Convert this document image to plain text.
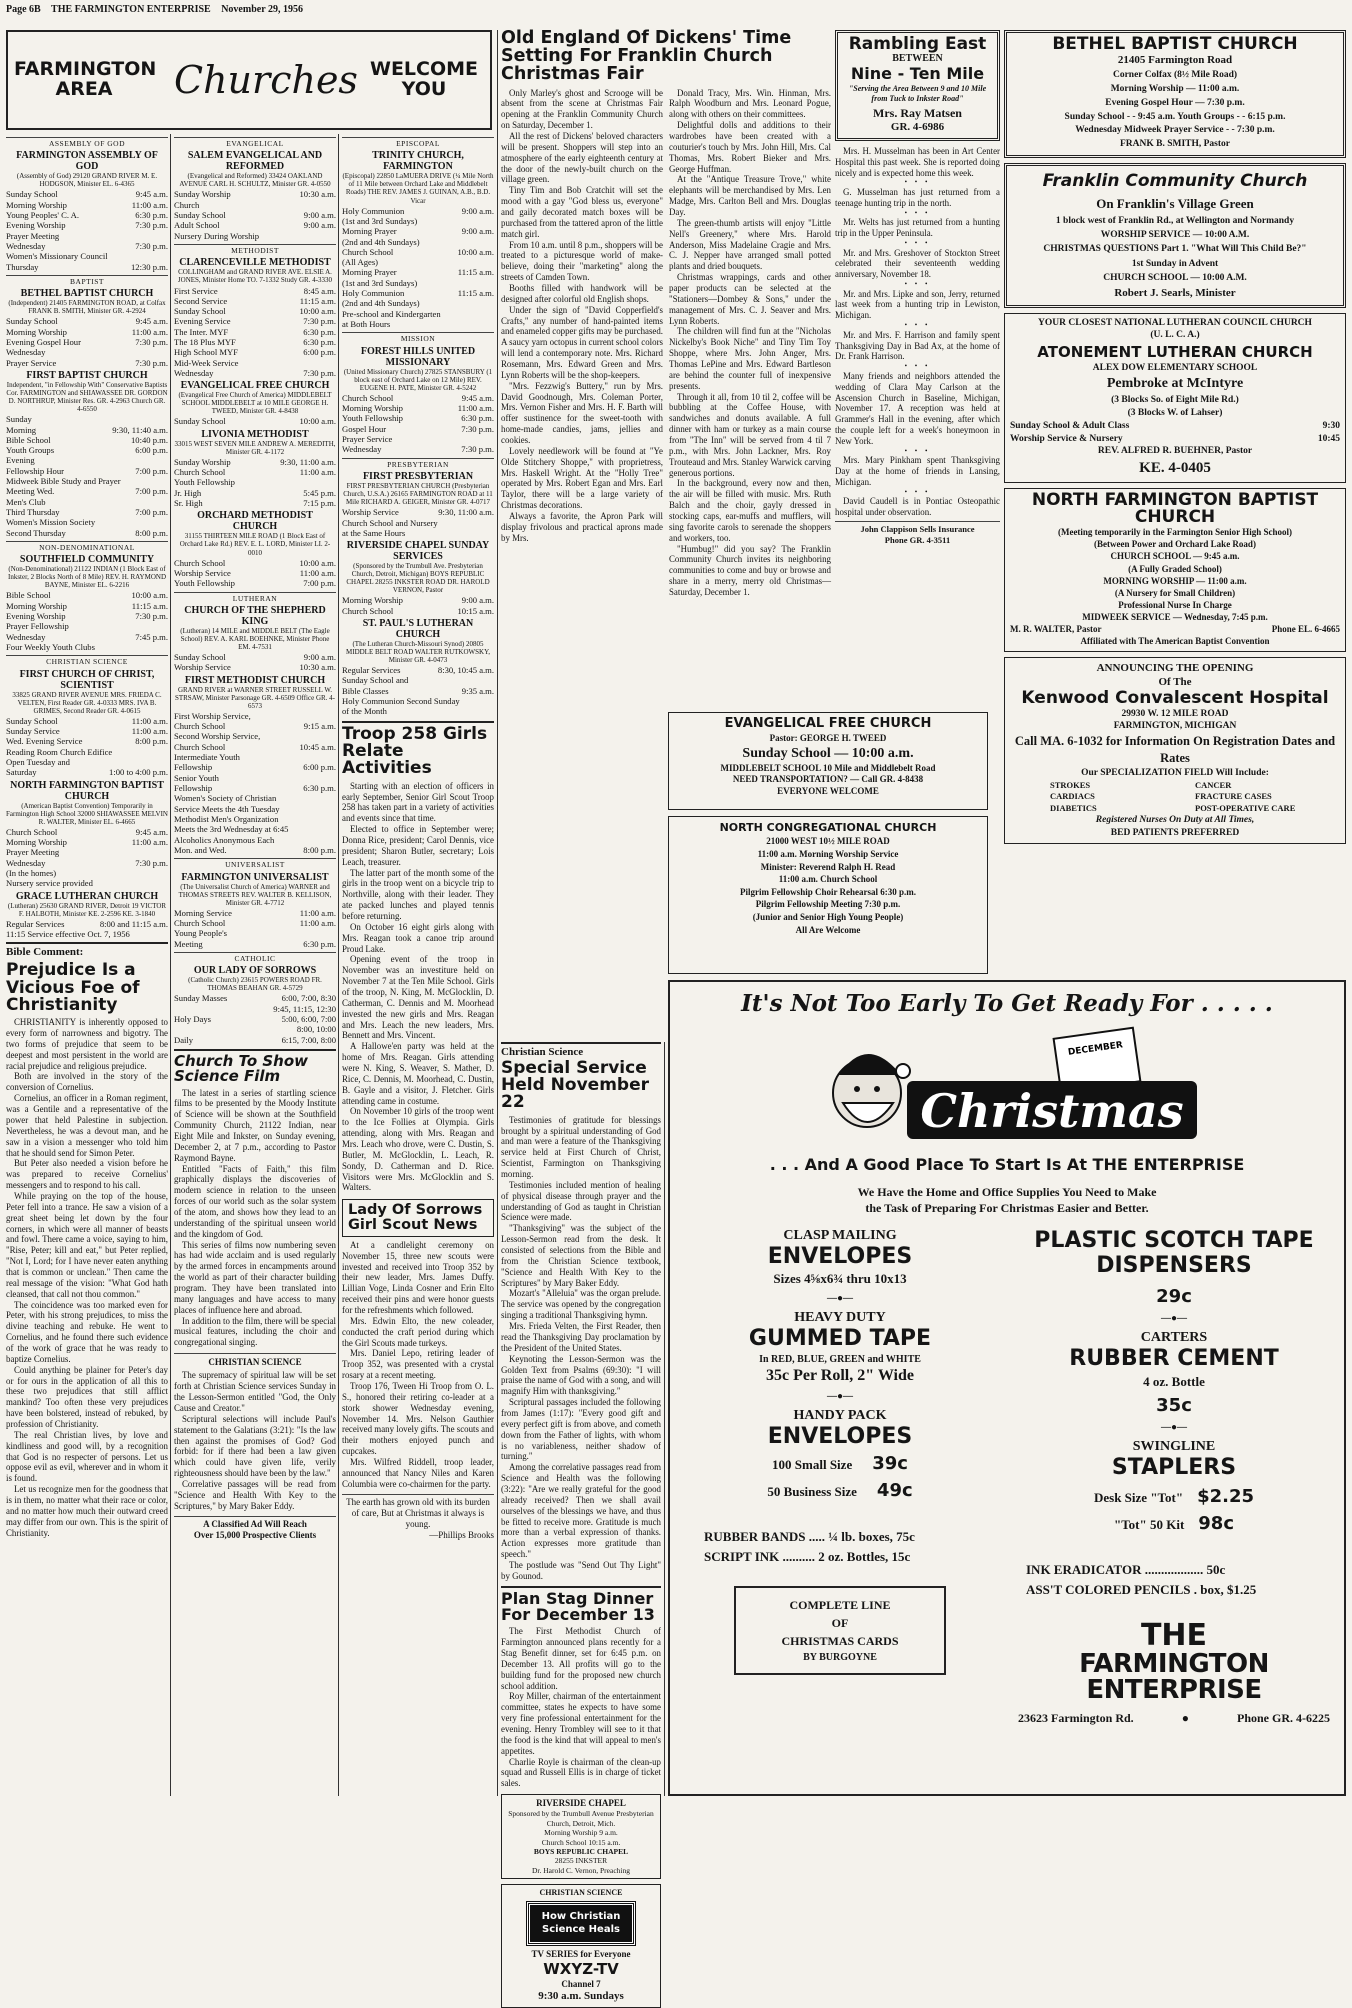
Page 6B THE FARMINGTON ENTERPRISE November 29, 1956
FARMINGTON AREA	Churches WELCOME YOU
ASSEMBLY OF GOD
FARMINGTON ASSEMBLY OF GOD
(Assembly of God) 29120 GRAND RIVER M. E. HODGSON, Minister EL. 6-4365
Sunday School	9:45 a.m.
Morning Worship	11:00 a.m.
Young Peoples' C. A.	6:30 p.m.
Evening Worship	7:30 p.m.
Prayer Meeting
Wednesday	7:30 p.m.
Women's Missionary Council
Thursday	12:30 p.m.
BAPTIST
BETHEL BAPTIST CHURCH
(Independent) 21405 FARMINGTON ROAD, at Colfax FRANK B. SMITH, Minister GR. 4-2924
Sunday School	9:45 a.m.
Morning Worship	11:00 a.m.
Evening Gospel Hour	7:30 p.m.
Wednesday
Prayer Service	7:30 p.m.
FIRST BAPTIST CHURCH
Independent, "in Fellowship With" Conservative Baptists Cor. FARMINGTON and SHIAWASSEE DR. GORDON D. NORTHRUP, Minister Res. GR. 4-2963 Church GR. 4-6550
Sunday
Morning	9:30, 11:40 a.m.
Bible School	10:40 p.m.
Youth Groups	6:00 p.m.
Evening
Fellowship Hour	7:00 p.m.
Midweek Bible Study and Prayer
Meeting Wed.	7:00 p.m.
Men's Club
Third Thursday	7:00 p.m.
Women's Mission Society
Second Thursday	8:00 p.m.
NON-DENOMINATIONAL
SOUTHFIELD COMMUNITY
(Non-Denominational) 21122 INDIAN (1 Block East of Inkster, 2 Blocks North of 8 Mile) REV. H. RAYMOND BAYNE, Minister EL. 6-2216
Bible School	10:00 a.m.
Morning Worship	11:15 a.m.
Evening Worship	7:30 p.m.
Prayer Fellowship
Wednesday	7:45 p.m.
Four Weekly Youth Clubs
CHRISTIAN SCIENCE
FIRST CHURCH OF CHRIST, SCIENTIST
33825 GRAND RIVER AVENUE MRS. FRIEDA C. VELTEN, First Reader GR. 4-0333 MRS. IVA B. GRIMES, Second Reader GR. 4-0615
Sunday School	11:00 a.m.
Sunday Service	11:00 a.m.
Wed. Evening Service	8:00 p.m.
Reading Room Church Edifice
Open Tuesday and
Saturday	1:00 to 4:00 p.m.
NORTH FARMINGTON BAPTIST CHURCH
(American Baptist Convention) Temporarily in Farmington High School 32000 SHIAWASSEE MELVIN R. WALTER, Minister EL. 6-4665
Church School	9:45 a.m.
Morning Worship	11:00 a.m.
Prayer Meeting
Wednesday	7:30 p.m.
(In the homes)
Nursery service provided
GRACE LUTHERAN CHURCH
(Lutheran) 25630 GRAND RIVER, Detroit 19 VICTOR F. HALBOTH, Minister KE. 2-2596 KE. 3-1840
Regular Services	8:00 and 11:15 a.m.
11:15 Service effective Oct. 7, 1956
Bible Comment:
Prejudice Is a Vicious Foe of Christianity

CHRISTIANITY is inherently opposed to every form of narrowness and bigotry. The two forms of prejudice that seem to be deepest and most persistent in the world are racial prejudice and religious prejudice.

Both are involved in the story of the conversion of Cornelius.

Cornelius, an officer in a Roman regiment, was a Gentile and a representative of the power that held Palestine in subjection. Nevertheless, he was a devout man, and he saw in a vision a messenger who told him that he should send for Simon Peter.

But Peter also needed a vision before he was prepared to receive Cornelius' messengers and to respond to his call.

While praying on the top of the house, Peter fell into a trance. He saw a vision of a great sheet being let down by the four corners, in which were all manner of beasts and fowl. There came a voice, saying to him, "Rise, Peter; kill and eat," but Peter replied, "Not I, Lord; for I have never eaten anything that is common or unclean." Then came the real message of the vision: "What God hath cleansed, that call not thou common."

The coincidence was too marked even for Peter, with his strong prejudices, to miss the divine teaching and rebuke. He went to Cornelius, and he found there such evidence of the work of grace that he was ready to baptize Cornelius.

Could anything be plainer for Peter's day or for ours in the application of all this to these two prejudices that still afflict mankind? Too often these very prejudices have been bolstered, instead of rebuked, by profession of Christianity.

The real Christian lives, by love and kindliness and good will, by a recognition that God is no respecter of persons. Let us oppose evil as evil, wherever and in whom it is found.

Let us recognize men for the goodness that is in them, no matter what their race or color, and no matter how much their outward creed may differ from our own. This is the spirit of Christianity.

EVANGELICAL
SALEM EVANGELICAL AND REFORMED
(Evangelical and Reformed) 33424 OAKLAND AVENUE CARL H. SCHULTZ, Minister GR. 4-0550
Sunday Worship	10:30 a.m.
Church
Sunday School	9:00 a.m.
Adult School	9:00 a.m.
Nursery During Worship
METHODIST
CLARENCEVILLE METHODIST
COLLINGHAM and GRAND RIVER AVE. ELSIE A. JONES, Minister Home TO. 7-1332 Study GR. 4-3330
First Service	8:45 a.m.
Second Service	11:15 a.m.
Sunday School	10:00 a.m.
Evening Service	7:30 p.m.
The Inter. MYF	6:30 p.m.
The 18 Plus MYF	6:30 p.m.
High School MYF	6:00 p.m.
Mid-Week Service
Wednesday	7:30 p.m.
EVANGELICAL FREE CHURCH
(Evangelical Free Church of America) MIDDLEBELT SCHOOL MIDDLEBELT at 10 MILE GEORGE H. TWEED, Minister GR. 4-8438
Sunday School	10:00 a.m.
LIVONIA METHODIST
33015 WEST SEVEN MILE ANDREW A. MEREDITH, Minister GR. 4-1172
Sunday Worship	9:30, 11:00 a.m.
Church School	11:00 a.m.
Youth Fellowship
Jr. High	5:45 p.m.
Sr. High	7:15 p.m.
ORCHARD METHODIST CHURCH
31155 THIRTEEN MILE ROAD (1 Block East of Orchard Lake Rd.) REV. E. L. LORD, Minister LI. 2-0010
Church School	10:00 a.m.
Worship Service	11:00 a.m.
Youth Fellowship	7:00 p.m.
LUTHERAN
CHURCH OF THE SHEPHERD KING
(Lutheran) 14 MILE and MIDDLE BELT (The Eagle School) REV. A. KARL BOEHNKE, Minister Phone EM. 4-7531
Sunday School	9:00 a.m.
Worship Service	10:30 a.m.
FIRST METHODIST CHURCH
GRAND RIVER at WARNER STREET RUSSELL W. STRSAW, Minister Parsonage GR. 4-6509 Office GR. 4-6573
First Worship Service,
Church School	9:15 a.m.
Second Worship Service,
Church School	10:45 a.m.
Intermediate Youth
Fellowship	6:00 p.m.
Senior Youth
Fellowship	6:30 p.m.
Women's Society of Christian
Service Meets the 4th Tuesday
Methodist Men's Organization
Meets the 3rd Wednesday at 6:45
Alcoholics Anonymous Each
Mon. and Wed.	8:00 p.m.
UNIVERSALIST
FARMINGTON UNIVERSALIST
(The Universalist Church of America) WARNER and THOMAS STREETS REV. WALTER B. KELLISON, Minister GR. 4-7712
Morning Service	11:00 a.m.
Church School	11:00 a.m.
Young People's
Meeting	6:30 p.m.
CATHOLIC
OUR LADY OF SORROWS
(Catholic Church) 23615 POWERS ROAD FR. THOMAS BEAHAN GR. 4-5729
Sunday Masses	6:00, 7:00, 8:30
9:45, 11:15, 12:30
Holy Days	5:00, 6:00, 7:00
8:00, 10:00
Daily	6:15, 7:00, 8:00
Church To Show Science Film

The latest in a series of startling science films to be presented by the Moody Institute of Science will be shown at the Southfield Community Church, 21122 Indian, near Eight Mile and Inkster, on Sunday evening, December 2, at 7 p.m., according to Pastor Raymond Bayne.

Entitled "Facts of Faith," this film graphically displays the discoveries of modern science in relation to the unseen forces of our world such as the solar system of the atom, and shows how they lead to an understanding of the spiritual unseen world and the kingdom of God.

This series of films now numbering seven has had wide acclaim and is used regularly by the armed forces in encampments around the world as part of their character building program. They have been translated into many languages and have access to many places of influence here and abroad.

In addition to the film, there will be special musical features, including the choir and congregational singing.

CHRISTIAN SCIENCE

The supremacy of spiritual law will be set forth at Christian Science services Sunday in the Lesson-Sermon entitled "God, the Only Cause and Creator."

Scriptural selections will include Paul's statement to the Galatians (3:21): "Is the law then against the promises of God? God forbid: for if there had been a law given which could have given life, verily righteousness should have been by the law."

Correlative passages will be read from "Science and Health With Key to the Scriptures," by Mary Baker Eddy.

A Classified Ad Will Reach
Over 15,000 Prospective Clients
EPISCOPAL
TRINITY CHURCH, FARMINGTON
(Episcopal) 22850 LaMUERA DRIVE (¼ Mile North of 11 Mile between Orchard Lake and Middlebelt Roads) THE REV. JAMES J. GUINAN, A.B., B.D. Vicar
Holy Communion	9:00 a.m.
(1st and 3rd Sundays)
Morning Prayer	9:00 a.m.
(2nd and 4th Sundays)
Church School	10:00 a.m.
(All Ages)
Morning Prayer	11:15 a.m.
(1st and 3rd Sundays)
Holy Communion	11:15 a.m.
(2nd and 4th Sundays)
Pre-school and Kindergarten
at Both Hours
MISSION
FOREST HILLS UNITED MISSIONARY
(United Missionary Church) 27825 STANSBURY (1 block east of Orchard Lake on 12 Mile) REV. EUGENE H. PATE, Minister GR. 4-5242
Church School	9:45 a.m.
Morning Worship	11:00 a.m.
Youth Fellowship	6:30 p.m.
Gospel Hour	7:30 p.m.
Prayer Service
Wednesday	7:30 p.m.
PRESBYTERIAN
FIRST PRESBYTERIAN
FIRST PRESBYTERIAN CHURCH (Presbyterian Church, U.S.A.) 26165 FARMINGTON ROAD at 11 Mile RICHARD A. GEIGER, Minister GR. 4-0717
Worship Service	9:30, 11:00 a.m.
Church School and Nursery
at the Same Hours
RIVERSIDE CHAPEL SUNDAY SERVICES
(Sponsored by the Trumbull Ave. Presbyterian Church, Detroit, Michigan) BOYS REPUBLIC CHAPEL 28255 INKSTER ROAD DR. HAROLD VERNON, Pastor
Morning Worship	9:00 a.m.
Church School	10:15 a.m.
ST. PAUL'S LUTHERAN CHURCH
(The Lutheran Church-Missouri Synod) 20805 MIDDLE BELT ROAD WALTER RUTKOWSKY, Minister GR. 4-0473
Regular Services	8:30, 10:45 a.m.
Sunday School and
Bible Classes	9:35 a.m.
Holy Communion Second Sunday
of the Month
Troop 258 Girls Relate Activities

Starting with an election of officers in early September, Senior Girl Scout Troop 258 has taken part in a variety of activities and events since that time.

Elected to office in September were; Donna Rice, president; Carol Dennis, vice president; Sharon Butler, secretary; Lois Leach, treasurer.

The latter part of the month some of the girls in the troop went on a bicycle trip to Northville, along with their leader. They ate packed lunches and played tennis before returning.

On October 16 eight girls along with Mrs. Reagan took a canoe trip around Proud Lake.

Opening event of the troop in November was an investiture held on November 7 at the Ten Mile School. Girls of the troop, N. King, M. McGlocklin, D. Catherman, C. Dennis and M. Moorhead invested the new girls and Mrs. Reagan and Mrs. Leach the new leaders, Mrs. Bennett and Mrs. Vincent.

A Hallowe'en party was held at the home of Mrs. Reagan. Girls attending were N. King, S. Weaver, S. Mather, D. Rice, C. Dennis, M. Moorhead, C. Dustin, B. Gayle and a visitor, J. Fletcher. Girls attending came in costume.

On November 10 girls of the troop went to the Ice Follies at Olympia. Girls attending, along with Mrs. Reagan and Mrs. Leach who drove, were C. Dustin, S. Butler, M. McGlocklin, L. Leach, R. Sondy, D. Catherman and D. Rice. Visitors were Mrs. McGlocklin and S. Walters.

Lady Of Sorrows Girl Scout News

At a candlelight ceremony on November 15, three new scouts were invested and received into Troop 352 by their new leader, Mrs. James Duffy. Lillian Voge, Linda Cosner and Erin Elto received their pins and were honor guests for the refreshments which followed.

Mrs. Edwin Elto, the new coleader, conducted the craft period during which the Girl Scouts made turkeys.

Mrs. Daniel Lepo, retiring leader of Troop 352, was presented with a crystal rosary at a recent meeting.

Troop 176, Tween Hi Troop from O. L. S., honored their retiring co-leader at a stork shower Wednesday evening, November 14. Mrs. Nelson Gauthier received many lovely gifts. The scouts and their mothers enjoyed punch and cupcakes.

Mrs. Wilfred Riddell, troop leader, announced that Nancy Niles and Karen Columbia were co-chairmen for the party.

The earth has grown old with its burden of care, But at Christmas it always is young.
—Phillips Brooks
Old England Of Dickens' Time Setting For Franklin Church Christmas Fair

Only Marley's ghost and Scrooge will be absent from the scene at Christmas Fair opening at the Franklin Community Church on Saturday, December 1.

All the rest of Dickens' beloved characters will be present. Shoppers will step into an atmosphere of the early eighteenth century at the door of the newly-built church on the village green.

Tiny Tim and Bob Cratchit will set the mood with a gay "God bless us, everyone" and gaily decorated match boxes will be purchased from the tattered apron of the little match girl.

From 10 a.m. until 8 p.m., shoppers will be treated to a picturesque world of make-believe, doing their "marketing" along the streets of Camden Town.

Booths filled with handwork will be designed after colorful old English shops.

Under the sign of "David Copperfield's Crafts," any number of hand-painted items and enameled copper gifts may be purchased. A saucy yarn octopus in current school colors will lend a contemporary note. Mrs. Richard Rosemann, Mrs. Edward Green and Mrs. Lynn Roberts will be the shop-keepers.

"Mrs. Fezzwig's Buttery," run by Mrs. David Goodnough, Mrs. Coleman Porter, Mrs. Vernon Fisher and Mrs. H. F. Barth will offer sustinence for the sweet-tooth with home-made candies, jams, jellies and cookies.

Lovely needlework will be found at "Ye Olde Stitchery Shoppe," with proprietress, Mrs. Haskell Wright. At the "Holly Tree" operated by Mrs. Robert Egan and Mrs. Earl Taylor, there will be a large variety of Christmas decorations.

Always a favorite, the Apron Park will display frivolous and practical aprons made by Mrs.

Donald Tracy, Mrs. Win. Hinman, Mrs. Ralph Woodburn and Mrs. Leonard Pogue, along with others on their committees.

Delightful dolls and additions to their wardrobes have been created with a couturier's touch by Mrs. John Hill, Mrs. Cal Thomas, Mrs. Robert Bieker and Mrs. George Huffman.

At the "Antique Treasure Trove," white elephants will be merchandised by Mrs. Len Madge, Mrs. Carlton Bell and Mrs. Douglas Day.

The green-thumb artists will enjoy "Little Nell's Greenery," where Mrs. Harold Anderson, Miss Madelaine Cragie and Mrs. C. J. Nepper have arranged small potted plants and dried bouquets.

Christmas wrappings, cards and other paper products can be selected at the "Stationers—Dombey & Sons," under the management of Mrs. C. J. Seaver and Mrs. Lynn Roberts.

The children will find fun at the "Nicholas Nickelby's Book Niche" and Tiny Tim Toy Shoppe, where Mrs. John Anger, Mrs. Thomas LePine and Mrs. Edward Bartleson are behind the counter full of inexpensive presents.

Through it all, from 10 til 2, coffee will be bubbling at the Coffee House, with sandwiches and donuts available. A full dinner with ham or turkey as a main course from "The Inn" will be served from 4 til 7 p.m., with Mrs. John Lackner, Mrs. Roy Trouteaud and Mrs. Stanley Warwick carving generous portions.

In the background, every now and then, the air will be filled with music. Mrs. Ruth Balch and the choir, gayly dressed in stocking caps, ear-muffs and mufflers, will sing favorite carols to serenade the shoppers and workers, too.

"Humbug!" did you say? The Franklin Community Church invites its neighboring communities to come and buy or browse and share in a merry, merry old Christmas—Saturday, December 1.

Christian Science
Special Service Held November 22

Testimonies of gratitude for blessings brought by a spiritual understanding of God and man were a feature of the Thanksgiving service held at First Church of Christ, Scientist, Farmington on Thanksgiving morning.

Testimonies included mention of healing of physical disease through prayer and the understanding of God as taught in Christian Science were made.

"Thanksgiving" was the subject of the Lesson-Sermon read from the desk. It consisted of selections from the Bible and from the Christian Science textbook, "Science and Health With Key to the Scriptures" by Mary Baker Eddy.

Mozart's "Alleluia" was the organ prelude. The service was opened by the congregation singing a traditional Thanksgiving hymn.

Mrs. Frieda Velten, the First Reader, then read the Thanksgiving Day proclamation by the President of the United States.

Keynoting the Lesson-Sermon was the Golden Text from Psalms (69:30): "I will praise the name of God with a song, and will magnify Him with thanksgiving."

Scriptural passages included the following from James (1:17): "Every good gift and every perfect gift is from above, and cometh down from the Father of lights, with whom is no variableness, neither shadow of turning."

Among the correlative passages read from Science and Health was the following (3:22): "Are we really grateful for the good already received? Then we shall avail ourselves of the blessings we have, and thus be fitted to receive more. Gratitude is much more than a verbal expression of thanks. Action expresses more gratitude than speech."

The postlude was "Send Out Thy Light" by Gounod.

Plan Stag Dinner For December 13

The First Methodist Church of Farmington announced plans recently for a Stag Benefit dinner, set for 6:45 p.m. on December 13. All profits will go to the building fund for the proposed new church school addition.

Roy Miller, chairman of the entertainment committee, states he expects to have some very fine professional entertainment for the evening. Henry Trombley will see to it that the food is the kind that will appeal to men's appetites.

Charlie Royle is chairman of the clean-up squad and Russell Ellis is in charge of ticket sales.

RIVERSIDE CHAPEL
Sponsored by the Trumbull Avenue Presbyterian Church, Detroit, Mich.
Morning Worship 9 a.m.
Church School 10:15 a.m.
BOYS REPUBLIC CHAPEL
28255 INKSTER
Dr. Harold C. Vernon, Preaching
CHRISTIAN SCIENCE
How Christian Science Heals
TV SERIES for Everyone
WXYZ-TV
Channel 7
9:30 a.m. Sundays
Rambling East
BETWEEN
Nine - Ten Mile
"Serving the Area Between 9 and 10 Mile from Tuck to Inkster Road"
Mrs. Ray Matsen
GR. 4-6986

Mrs. H. Musselman has been in Art Center Hospital this past week. She is reported doing nicely and is expected home this week.

• • •

G. Musselman has just returned from a teenage hunting trip in the north.

• • •

Mr. Welts has just returned from a hunting trip in the Upper Peninsula.

• • •

Mr. and Mrs. Greshover of Stockton Street celebrated their seventeenth wedding anniversary, November 18.

• • •

Mr. and Mrs. Lipke and son, Jerry, returned last week from a hunting trip in Lewiston, Michigan.

• • •

Mr. and Mrs. F. Harrison and family spent Thanksgiving Day in Bad Ax, at the home of Dr. Frank Harrison.

• • •

Many friends and neighbors attended the wedding of Clara May Carlson at the Ascension Church in Baseline, Michigan, November 17. A reception was held at Grammer's Hall in the evening, after which the couple left for a week's honeymoon in New York.

• • •

Mrs. Mary Pinkham spent Thanksgiving Day at the home of friends in Lansing, Michigan.

• • •

David Caudell is in Pontiac Osteopathic hospital under observation.

John Clappison Sells Insurance
Phone GR. 4-3511
EVANGELICAL FREE CHURCH
Pastor: GEORGE H. TWEED
Sunday School — 10:00 a.m.
MIDDLEBELT SCHOOL 10 Mile and Middlebelt Road
NEED TRANSPORTATION? — Call GR. 4-8438
EVERYONE WELCOME
NORTH CONGREGATIONAL CHURCH
21000 WEST 10½ MILE ROAD
11:00 a.m. Morning Worship Service
Minister: Reverend Ralph H. Read
11:00 a.m. Church School
Pilgrim Fellowship Choir Rehearsal 6:30 p.m.
Pilgrim Fellowship Meeting 7:30 p.m.
(Junior and Senior High Young People)
All Are Welcome
BETHEL BAPTIST CHURCH
21405 Farmington Road
Corner Colfax (8½ Mile Road)
Morning Worship — 11:00 a.m.
Evening Gospel Hour — 7:30 p.m.
Sunday School - - 9:45 a.m. Youth Groups - - 6:15 p.m.
Wednesday Midweek Prayer Service - - 7:30 p.m.
FRANK B. SMITH, Pastor
Franklin Community Church
On Franklin's Village Green
1 block west of Franklin Rd., at Wellington and Normandy
WORSHIP SERVICE — 10:00 A.M.
CHRISTMAS QUESTIONS Part 1. "What Will This Child Be?"
1st Sunday in Advent
CHURCH SCHOOL — 10:00 A.M.
Robert J. Searls, Minister
YOUR CLOSEST NATIONAL LUTHERAN COUNCIL CHURCH
(U. L. C. A.)
ATONEMENT LUTHERAN CHURCH
ALEX DOW ELEMENTARY SCHOOL
Pembroke at McIntyre
(3 Blocks So. of Eight Mile Rd.)
(3 Blocks W. of Lahser)
Sunday School & Adult Class	9:30
Worship Service & Nursery	10:45
REV. ALFRED R. BUEHNER, Pastor
KE. 4-0405
NORTH FARMINGTON BAPTIST CHURCH
(Meeting temporarily in the Farmington Senior High School)
(Between Power and Orchard Lake Road)
CHURCH SCHOOL — 9:45 a.m.
(A Fully Graded School)
MORNING WORSHIP — 11:00 a.m.
(A Nursery for Small Children)
Professional Nurse In Charge
MIDWEEK SERVICE — Wednesday, 7:45 p.m.
M. R. WALTER, Pastor	Phone EL. 6-4665
Affiliated with The American Baptist Convention
ANNOUNCING THE OPENING
Of The
Kenwood Convalescent Hospital
29930 W. 12 MILE ROAD
FARMINGTON, MICHIGAN
Call MA. 6-1032 for Information On Registration Dates and Rates
Our SPECIALIZATION FIELD Will Include:
STROKES	CANCER
CARDIACS	FRACTURE CASES
DIABETICS	POST-OPERATIVE CARE
Registered Nurses On Duty at All Times,
BED PATIENTS PREFERRED
It's Not Too Early To Get Ready For . . . . .
DECEMBER
Christmas
. . . And A Good Place To Start Is At THE ENTERPRISE
We Have the Home and Office Supplies You Need to Make the Task of Preparing For Christmas Easier and Better.
CLASP MAILING
ENVELOPES
Sizes 4⅝x6¾ thru 10x13
—●—
HEAVY DUTY
GUMMED TAPE
In RED, BLUE, GREEN and WHITE
35c Per Roll, 2" Wide
—●—
HANDY PACK
ENVELOPES
100 Small Size 39c
50 Business Size 49c
RUBBER BANDS ..... ¼ lb. boxes, 75c
SCRIPT INK .......... 2 oz. Bottles, 15c
COMPLETE LINE
OF
CHRISTMAS CARDS
BY BURGOYNE
PLASTIC SCOTCH TAPE
DISPENSERS
29c
—●—
CARTERS
RUBBER CEMENT
4 oz. Bottle
35c
—●—
SWINGLINE
STAPLERS
Desk Size "Tot" $2.25
"Tot" 50 Kit 98c
INK ERADICATOR .................. 50c
ASS'T COLORED PENCILS . box, $1.25
THE
FARMINGTON ENTERPRISE
23623 Farmington Rd.	●	Phone GR. 4-6225
